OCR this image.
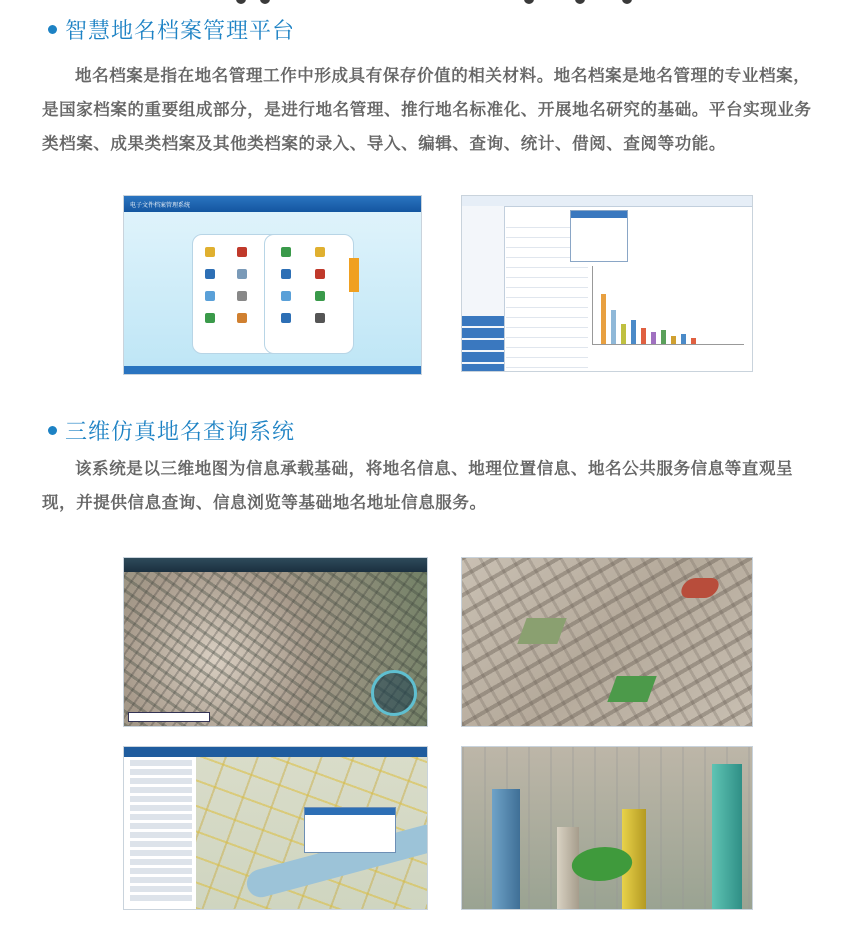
智慧地名档案管理平台

地名档案是指在地名管理工作中形成具有保存价值的相关材料。地名档案是地名管理的专业档案，是国家档案的重要组成部分，是进行地名管理、推行地名标准化、开展地名研究的基础。平台实现业务类档案、成果类档案及其他类档案的录入、导入、编辑、查询、统计、借阅、查阅等功能。

电子文件档案管理系统
三维仿真地名查询系统

该系统是以三维地图为信息承载基础，将地名信息、地理位置信息、地名公共服务信息等直观呈现，并提供信息查询、信息浏览等基础地名地址信息服务。
